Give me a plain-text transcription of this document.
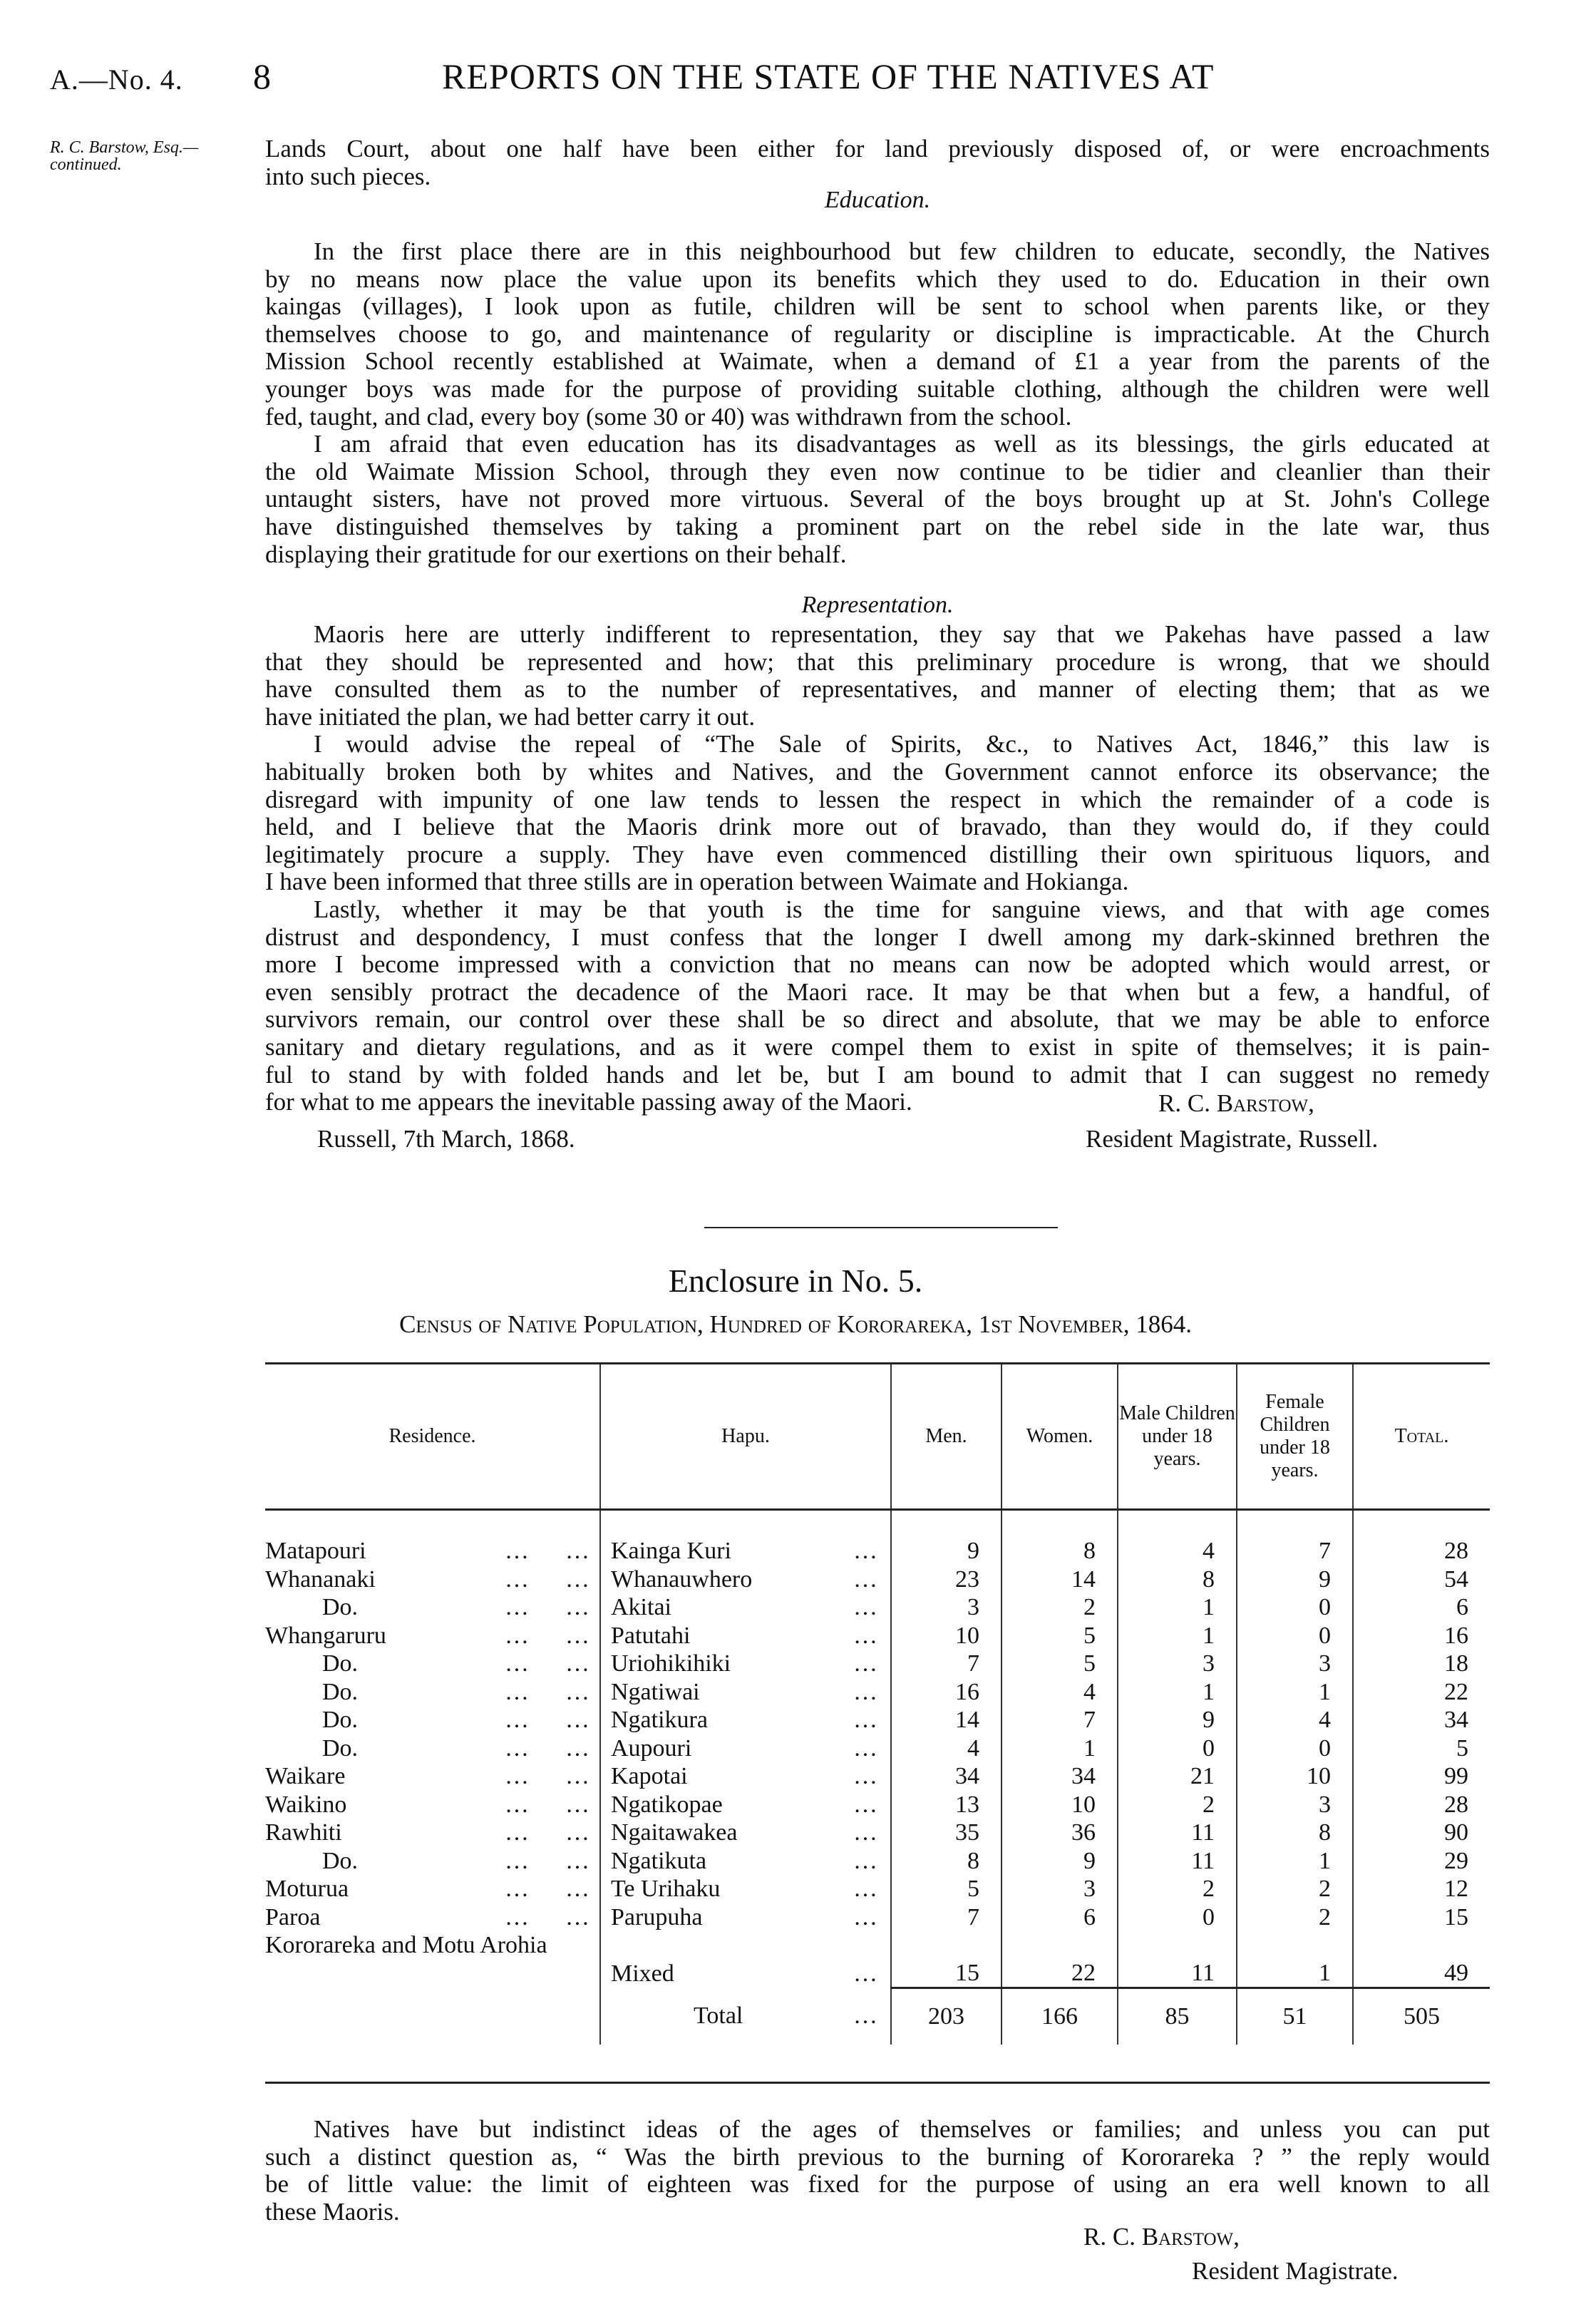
A.—No. 4. 8	REPORTS ON THE STATE OF THE NATIVES AT
R. C. Barstow, Esq.—
continued.
Lands Court, about one half have been either for land previously disposed of, or were encroachments
into such pieces.
Education.
In the first place there are in this neighbourhood but few children to educate, secondly, the Natives
by no means now place the value upon its benefits which they used to do. Education in their own
kaingas (villages), I look upon as futile, children will be sent to school when parents like, or they
themselves choose to go, and maintenance of regularity or discipline is impracticable. At the Church
Mission School recently established at Waimate, when a demand of £1 a year from the parents of the
younger boys was made for the purpose of providing suitable clothing, although the children were well
fed, taught, and clad, every boy (some 30 or 40) was withdrawn from the school.
I am afraid that even education has its disadvantages as well as its blessings, the girls educated at
the old Waimate Mission School, through they even now continue to be tidier and cleanlier than their
untaught sisters, have not proved more virtuous. Several of the boys brought up at St. John's College
have distinguished themselves by taking a prominent part on the rebel side in the late war, thus
displaying their gratitude for our exertions on their behalf.
Representation.
Maoris here are utterly indifferent to representation, they say that we Pakehas have passed a law
that they should be represented and how; that this preliminary procedure is wrong, that we should
have consulted them as to the number of representatives, and manner of electing them; that as we
have initiated the plan, we had better carry it out.
I would advise the repeal of “The Sale of Spirits, &c., to Natives Act, 1846,” this law is
habitually broken both by whites and Natives, and the Government cannot enforce its observance; the
disregard with impunity of one law tends to lessen the respect in which the remainder of a code is
held, and I believe that the Maoris drink more out of bravado, than they would do, if they could
legitimately procure a supply. They have even commenced distilling their own spirituous liquors, and
I have been informed that three stills are in operation between Waimate and Hokianga.
Lastly, whether it may be that youth is the time for sanguine views, and that with age comes
distrust and despondency, I must confess that the longer I dwell among my dark-skinned brethren the
more I become impressed with a conviction that no means can now be adopted which would arrest, or
even sensibly protract the decadence of the Maori race. It may be that when but a few, a handful, of
survivors remain, our control over these shall be so direct and absolute, that we may be able to enforce
sanitary and dietary regulations, and as it were compel them to exist in spite of themselves; it is pain-
ful to stand by with folded hands and let be, but I am bound to admit that I can suggest no remedy
for what to me appears the inevitable passing away of the Maori.	R. C. Barstow,
Russell, 7th March, 1868.	Resident Magistrate, Russell.
Enclosure in No. 5.
Census of Native Population, Hundred of Kororareka, 1st November, 1864.
Residence.	Hapu.	Men.	Women.	Male Children under 18 years.	Female Children under 18 years.	Total.

Matapouri …      …	Kainga Kuri …	9	8	4	7	28
Whananaki …      …	Whanauwhero …	23	14	8	9	54
Do. …      …	Akitai …	3	2	1	0	6
Whangaruru …      …	Patutahi …	10	5	1	0	16
Do. …      …	Uriohikihiki …	7	5	3	3	18
Do. …      …	Ngatiwai …	16	4	1	1	22
Do. …      …	Ngatikura …	14	7	9	4	34
Do. …      …	Aupouri …	4	1	0	0	5
Waikare …      …	Kapotai …	34	34	21	10	99
Waikino …      …	Ngatikopae …	13	10	2	3	28
Rawhiti …      …	Ngaitawakea …	35	36	11	8	90
Do. …      …	Ngatikuta …	8	9	11	1	29
Moturua …      …	Te Urihaku …	5	3	2	2	12
Paroa …      …	Parupuha …	7	6	0	2	15

Kororareka and Motu Arohia	Mixed …	15	22	11	1	49
	Total …	203	166	85	51	505
Natives have but indistinct ideas of the ages of themselves or families; and unless you can put
such a distinct question as, “ Was the birth previous to the burning of Kororareka ? ” the reply would
be of little value: the limit of eighteen was fixed for the purpose of using an era well known to all
these Maoris.
R. C. Barstow,
Resident Magistrate.
